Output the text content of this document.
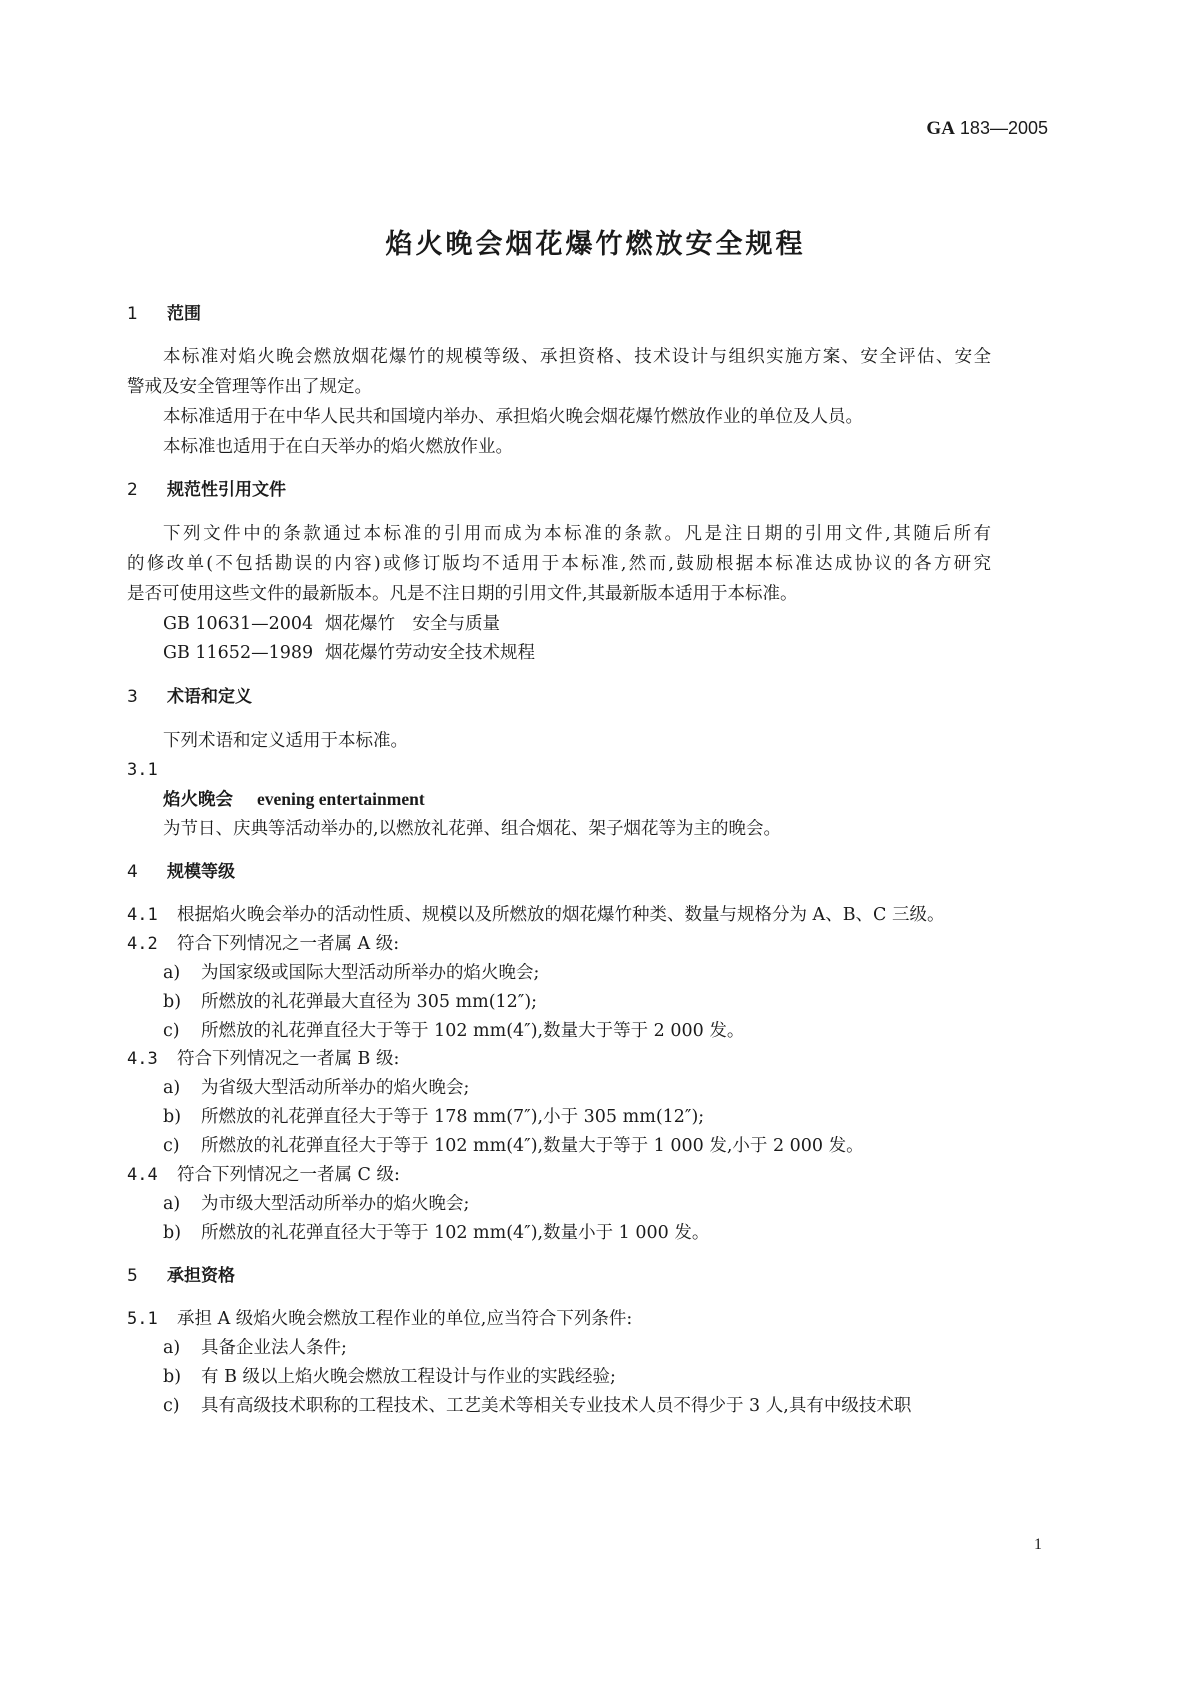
GA 183—2005
焰火晚会烟花爆竹燃放安全规程
1 范围
本标准对焰火晚会燃放烟花爆竹的规模等级、承担资格、技术设计与组织实施方案、安全评估、安全
警戒及安全管理等作出了规定。
本标准适用于在中华人民共和国境内举办、承担焰火晚会烟花爆竹燃放作业的单位及人员。
本标准也适用于在白天举办的焰火燃放作业。
2 规范性引用文件
下列文件中的条款通过本标准的引用而成为本标准的条款。凡是注日期的引用文件,其随后所有
的修改单(不包括勘误的内容)或修订版均不适用于本标准,然而,鼓励根据本标准达成协议的各方研究
是否可使用这些文件的最新版本。凡是不注日期的引用文件,其最新版本适用于本标准。
GB 10631—2004 烟花爆竹　安全与质量
GB 11652—1989 烟花爆竹劳动安全技术规程
3 术语和定义
下列术语和定义适用于本标准。
3.1
焰火晚会 evening entertainment
为节日、庆典等活动举办的,以燃放礼花弹、组合烟花、架子烟花等为主的晚会。
4 规模等级
4.1 根据焰火晚会举办的活动性质、规模以及所燃放的烟花爆竹种类、数量与规格分为 A、B、C 三级。
4.2 符合下列情况之一者属 A 级:
a) 为国家级或国际大型活动所举办的焰火晚会;
b) 所燃放的礼花弹最大直径为 305 mm(12″);
c) 所燃放的礼花弹直径大于等于 102 mm(4″),数量大于等于 2 000 发。
4.3 符合下列情况之一者属 B 级:
a) 为省级大型活动所举办的焰火晚会;
b) 所燃放的礼花弹直径大于等于 178 mm(7″),小于 305 mm(12″);
c) 所燃放的礼花弹直径大于等于 102 mm(4″),数量大于等于 1 000 发,小于 2 000 发。
4.4 符合下列情况之一者属 C 级:
a) 为市级大型活动所举办的焰火晚会;
b) 所燃放的礼花弹直径大于等于 102 mm(4″),数量小于 1 000 发。
5 承担资格
5.1 承担 A 级焰火晚会燃放工程作业的单位,应当符合下列条件:
a) 具备企业法人条件;
b) 有 B 级以上焰火晚会燃放工程设计与作业的实践经验;
c) 具有高级技术职称的工程技术、工艺美术等相关专业技术人员不得少于 3 人,具有中级技术职
1
